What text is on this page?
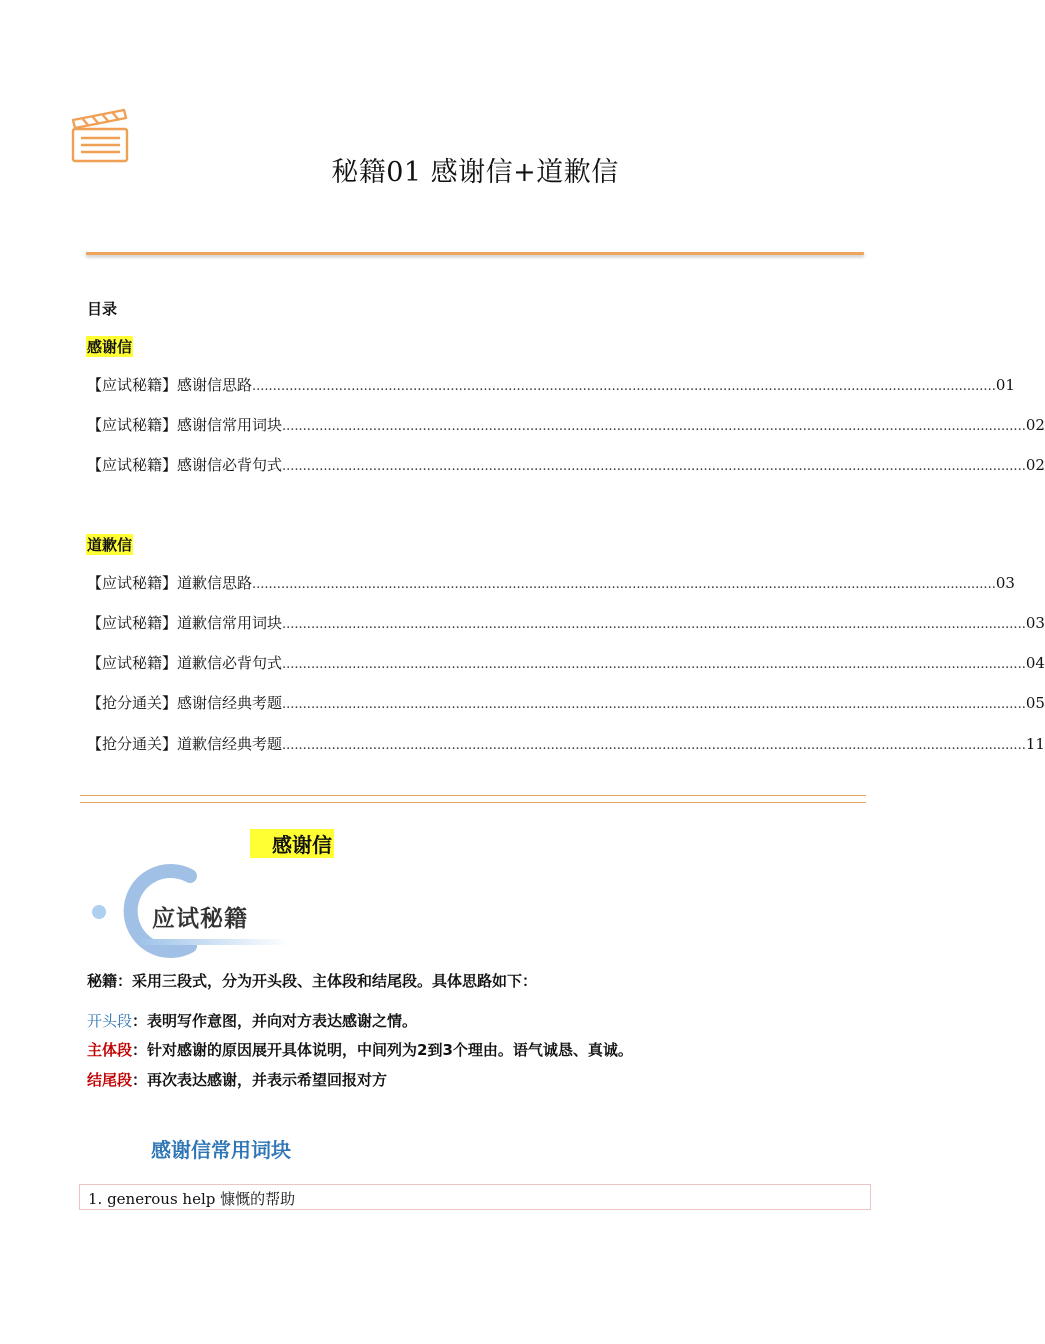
秘籍01 感谢信+道歉信
目录
感谢信
【应试秘籍】感谢信思路 .................................................................................................................................................................................... 01
【应试秘籍】感谢信常用词块 .................................................................................................................................................................................... 02
【应试秘籍】感谢信必背句式 .................................................................................................................................................................................... 02
道歉信
【应试秘籍】道歉信思路 .................................................................................................................................................................................... 03
【应试秘籍】道歉信常用词块 .................................................................................................................................................................................... 03
【应试秘籍】道歉信必背句式 .................................................................................................................................................................................... 04
【抢分通关】感谢信经典考题 .................................................................................................................................................................................... 05
【抢分通关】道歉信经典考题 .................................................................................................................................................................................... 11
感谢信
应试秘籍
秘籍：采用三段式，分为开头段、主体段和结尾段。具体思路如下：
开头段：表明写作意图，并向对方表达感谢之情。
主体段：针对感谢的原因展开具体说明，中间列为2到3个理由。语气诚恳、真诚。
结尾段：再次表达感谢，并表示希望回报对方
感谢信常用词块
1. generous help 慷慨的帮助
